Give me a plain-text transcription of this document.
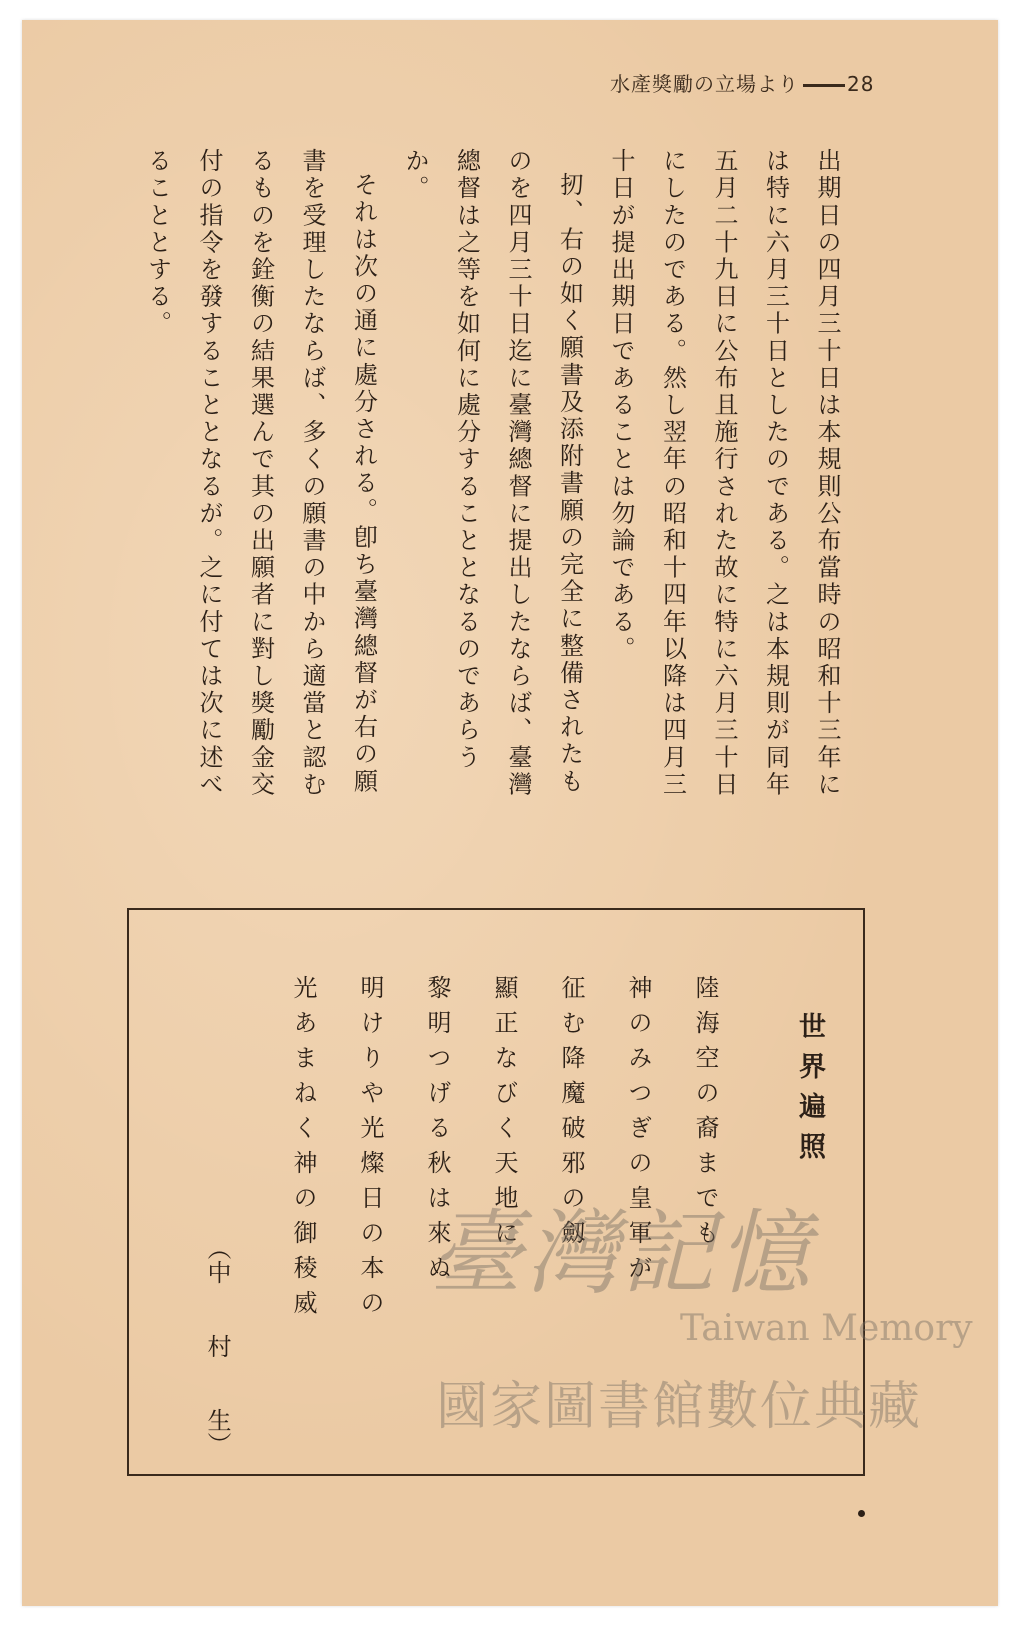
水產獎勵の立場より 28

出期日の四月三十日は本規則公布當時の昭和十三年には特に六月三十日としたのである。之は本規則が同年五月二十九日に公布且施行された故に特に六月三十日にしたのである。然し翌年の昭和十四年以降は四月三十日が提出期日であることは勿論である。

扨、右の如く願書及添附書願の完全に整備されたものを四月三十日迄に臺灣總督に提出したならば、臺灣總督は之等を如何に處分することとなるのであらうか。

それは次の通に處分される。卽ち臺灣總督が右の願書を受理したならば、多くの願書の中から適當と認むるものを銓衡の結果選んで其の出願者に對し獎勵金交付の指令を發することとなるが。之に付ては次に述べることとする。

世界遍照

陸海空の裔までも

神のみつぎの皇軍が

征む降魔破邪の劔

顯正なびく天地に

黎明つげる秋は來ぬ

明けりや光燦日の本の

光あまねく神の御稜威

（中村生）
臺灣記憶
Taiwan Memory
國家圖書館數位典藏
